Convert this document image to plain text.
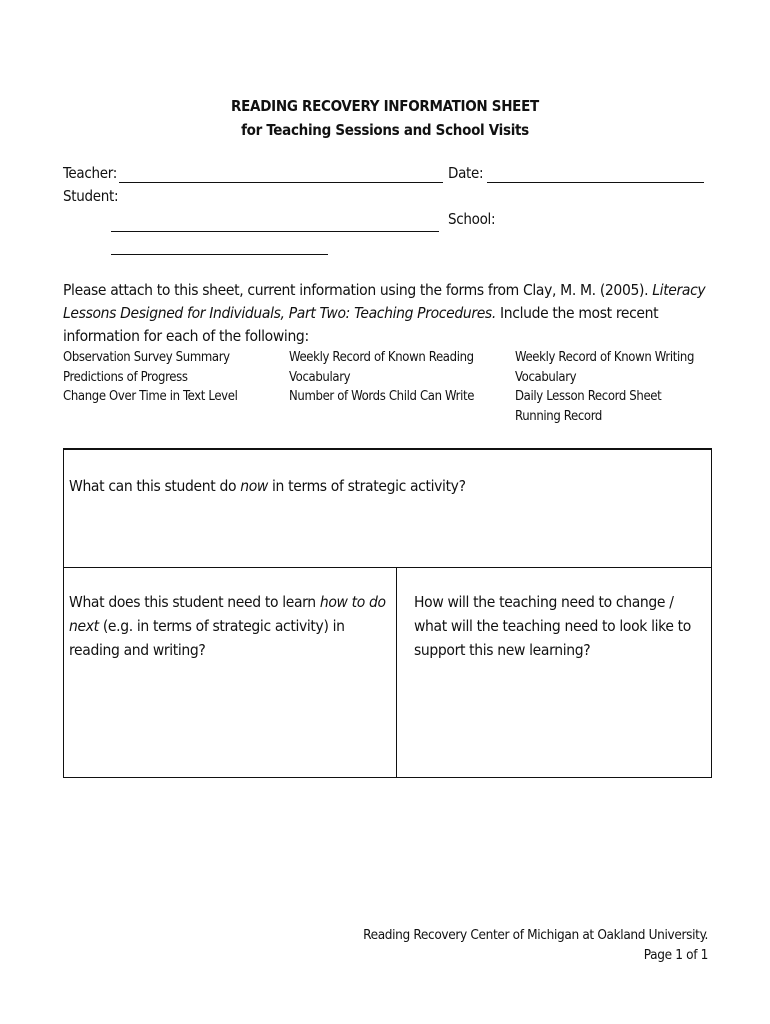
READING RECOVERY INFORMATION SHEET
for Teaching Sessions and School Visits
Teacher:	Date:
Student:
School:
Please attach to this sheet, current information using the forms from Clay, M. M. (2005). Literacy Lessons Designed for Individuals, Part Two: Teaching Procedures. Include the most recent information for each of the following:
Observation Survey Summary
Predictions of Progress
Change Over Time in Text Level
Weekly Record of Known Reading
Vocabulary
Number of Words Child Can Write
Weekly Record of Known Writing
Vocabulary
Daily Lesson Record Sheet
Running Record
What can this student do now in terms of strategic activity?
What does this student need to learn how to do next (e.g. in terms of strategic activity) in reading and writing?
How will the teaching need to change / what will the teaching need to look like to support this new learning?
Reading Recovery Center of Michigan at Oakland University.
Page 1 of 1
